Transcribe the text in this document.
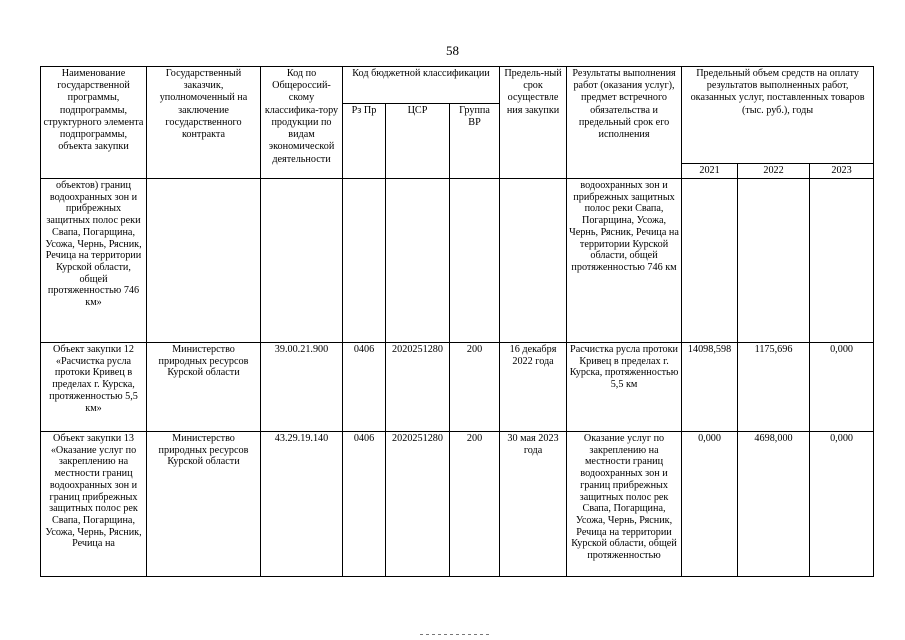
58
Наименование государственной программы, подпрограммы, структурного элемента подпрограммы, объекта закупки	Государственный заказчик, уполномоченный на заключение государственного контракта	Код по Общероссий-скому классифика-тору продукции по видам экономической деятельности	Код бюджетной классификации			Предель-ный срок осуществле ния закупки	Результаты выполнения работ (оказания услуг), предмет встречного обязательства и предельный срок его исполнения	Предельный объем средств на оплату результатов выполненных работ, оказанных услуг, поставленных товаров (тыс. руб.), годы		
			Рз Пр	ЦСР	Группа ВР					
								2021	2022	2023
объектов) границ водоохранных зон и прибрежных защитных полос реки Свапа, Погарщина, Усожа, Чернь, Рясник, Речица на территории Курской области, общей протяженностью 746 км»							водоохранных зон и прибрежных защитных полос реки Свапа, Погарщина, Усожа, Чернь, Рясник, Речица на территории Курской области, общей протяженностью 746 км			
Объект закупки 12 «Расчистка русла протоки Кривец в пределах г. Курска, протяженностью 5,5 км»	Министерство природных ресурсов Курской области	39.00.21.900	0406	2020251280	200	16 декабря 2022 года	Расчистка русла протоки Кривец в пределах г. Курска, протяженностью 5,5 км	14098,598	1175,696	0,000
Объект закупки 13 «Оказание услуг по закреплению на местности границ водоохранных зон и границ прибрежных защитных полос рек Свапа, Погарщина, Усожа, Чернь, Рясник, Речица на	Министерство природных ресурсов Курской области	43.29.19.140	0406	2020251280	200	30 мая 2023 года	Оказание услуг по закреплению на местности границ водоохранных зон и границ прибрежных защитных полос рек Свапа, Погарщина, Усожа, Чернь, Рясник, Речица на территории Курской области, общей протяженностью	0,000	4698,000	0,000
